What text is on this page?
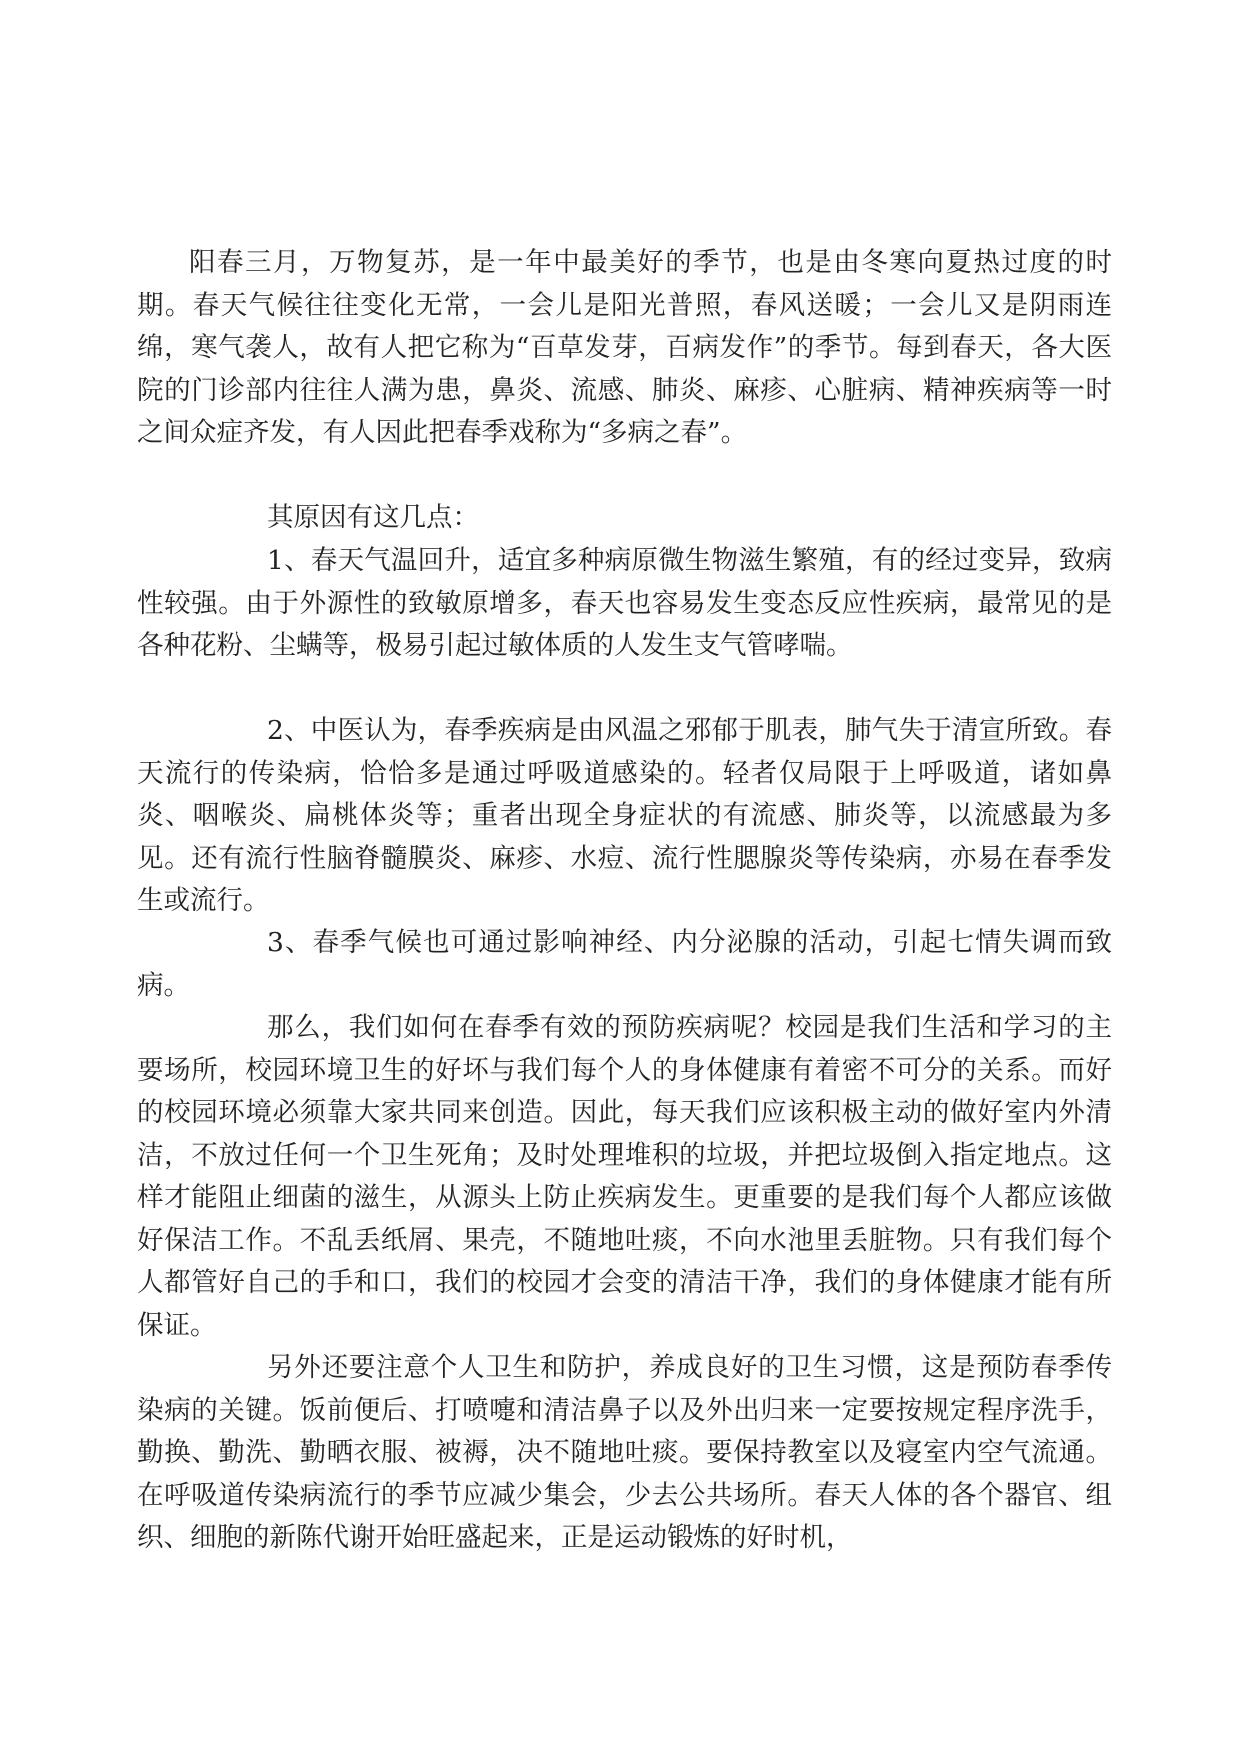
阳春三月，万物复苏，是一年中最美好的季节，也是由冬寒向夏热过度的时期。春天气候往往变化无常，一会儿是阳光普照，春风送暖；一会儿又是阴雨连绵，寒气袭人，故有人把它称为“百草发芽，百病发作”的季节。每到春天，各大医院的门诊部内往往人满为患，鼻炎、流感、肺炎、麻疹、心脏病、精神疾病等一时之间众症齐发，有人因此把春季戏称为“多病之春”。

其原因有这几点：

1、春天气温回升，适宜多种病原微生物滋生繁殖，有的经过变异，致病性较强。由于外源性的致敏原增多，春天也容易发生变态反应性疾病，最常见的是各种花粉、尘螨等，极易引起过敏体质的人发生支气管哮喘。

2、中医认为，春季疾病是由风温之邪郁于肌表，肺气失于清宣所致。春天流行的传染病，恰恰多是通过呼吸道感染的。轻者仅局限于上呼吸道，诸如鼻炎、咽喉炎、扁桃体炎等；重者出现全身症状的有流感、肺炎等，以流感最为多见。还有流行性脑脊髓膜炎、麻疹、水痘、流行性腮腺炎等传染病，亦易在春季发生或流行。

3、春季气候也可通过影响神经、内分泌腺的活动，引起七情失调而致病。

那么，我们如何在春季有效的预防疾病呢？校园是我们生活和学习的主要场所，校园环境卫生的好坏与我们每个人的身体健康有着密不可分的关系。而好的校园环境必须靠大家共同来创造。因此，每天我们应该积极主动的做好室内外清洁，不放过任何一个卫生死角；及时处理堆积的垃圾，并把垃圾倒入指定地点。这样才能阻止细菌的滋生，从源头上防止疾病发生。更重要的是我们每个人都应该做好保洁工作。不乱丢纸屑、果壳，不随地吐痰，不向水池里丢脏物。只有我们每个人都管好自己的手和口，我们的校园才会变的清洁干净，我们的身体健康才能有所保证。

另外还要注意个人卫生和防护，养成良好的卫生习惯，这是预防春季传染病的关键。饭前便后、打喷嚏和清洁鼻子以及外出归来一定要按规定程序洗手，勤换、勤洗、勤晒衣服、被褥，决不随地吐痰。要保持教室以及寝室内空气流通。在呼吸道传染病流行的季节应减少集会，少去公共场所。春天人体的各个器官、组织、细胞的新陈代谢开始旺盛起来，正是运动锻炼的好时机，
